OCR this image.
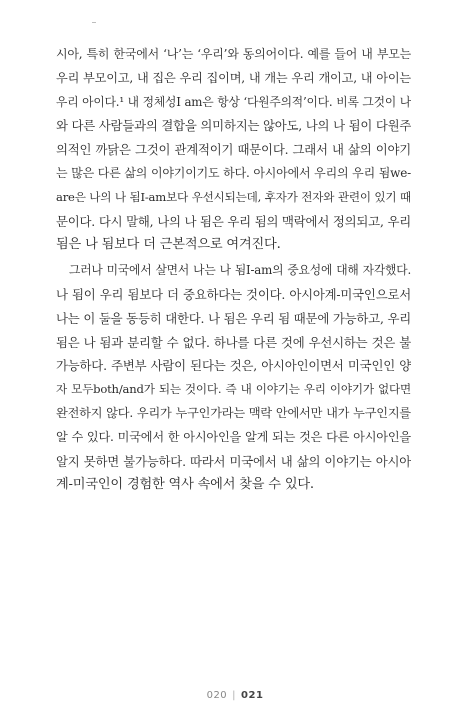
시아, 특히 한국에서 ‘나’는 ‘우리’와 동의어이다. 예를 들어 내 부모는
우리 부모이고, 내 집은 우리 집이며, 내 개는 우리 개이고, 내 아이는
우리 아이다.¹ 내 정체성I am은 항상 ‘다원주의적’이다. 비록 그것이 나
와 다른 사람들과의 결합을 의미하지는 않아도, 나의 나 됨이 다원주
의적인 까닭은 그것이 관계적이기 때문이다. 그래서 내 삶의 이야기
는 많은 다른 삶의 이야기이기도 하다. 아시아에서 우리의 우리 됨we-
are은 나의 나 됨I-am보다 우선시되는데, 후자가 전자와 관련이 있기 때
문이다. 다시 말해, 나의 나 됨은 우리 됨의 맥락에서 정의되고, 우리
됨은 나 됨보다 더 근본적으로 여겨진다.

그러나 미국에서 살면서 나는 나 됨I-am의 중요성에 대해 자각했다.
나 됨이 우리 됨보다 더 중요하다는 것이다. 아시아계-미국인으로서
나는 이 둘을 동등히 대한다. 나 됨은 우리 됨 때문에 가능하고, 우리
됨은 나 됨과 분리할 수 없다. 하나를 다른 것에 우선시하는 것은 불
가능하다. 주변부 사람이 된다는 것은, 아시아인이면서 미국인인 양
자 모두both/and가 되는 것이다. 즉 내 이야기는 우리 이야기가 없다면
완전하지 않다. 우리가 누구인가라는 맥락 안에서만 내가 누구인지를
알 수 있다. 미국에서 한 아시아인을 알게 되는 것은 다른 아시아인을
알지 못하면 불가능하다. 따라서 미국에서 내 삶의 이야기는 아시아
계-미국인이 경험한 역사 속에서 찾을 수 있다.

020 | 021
